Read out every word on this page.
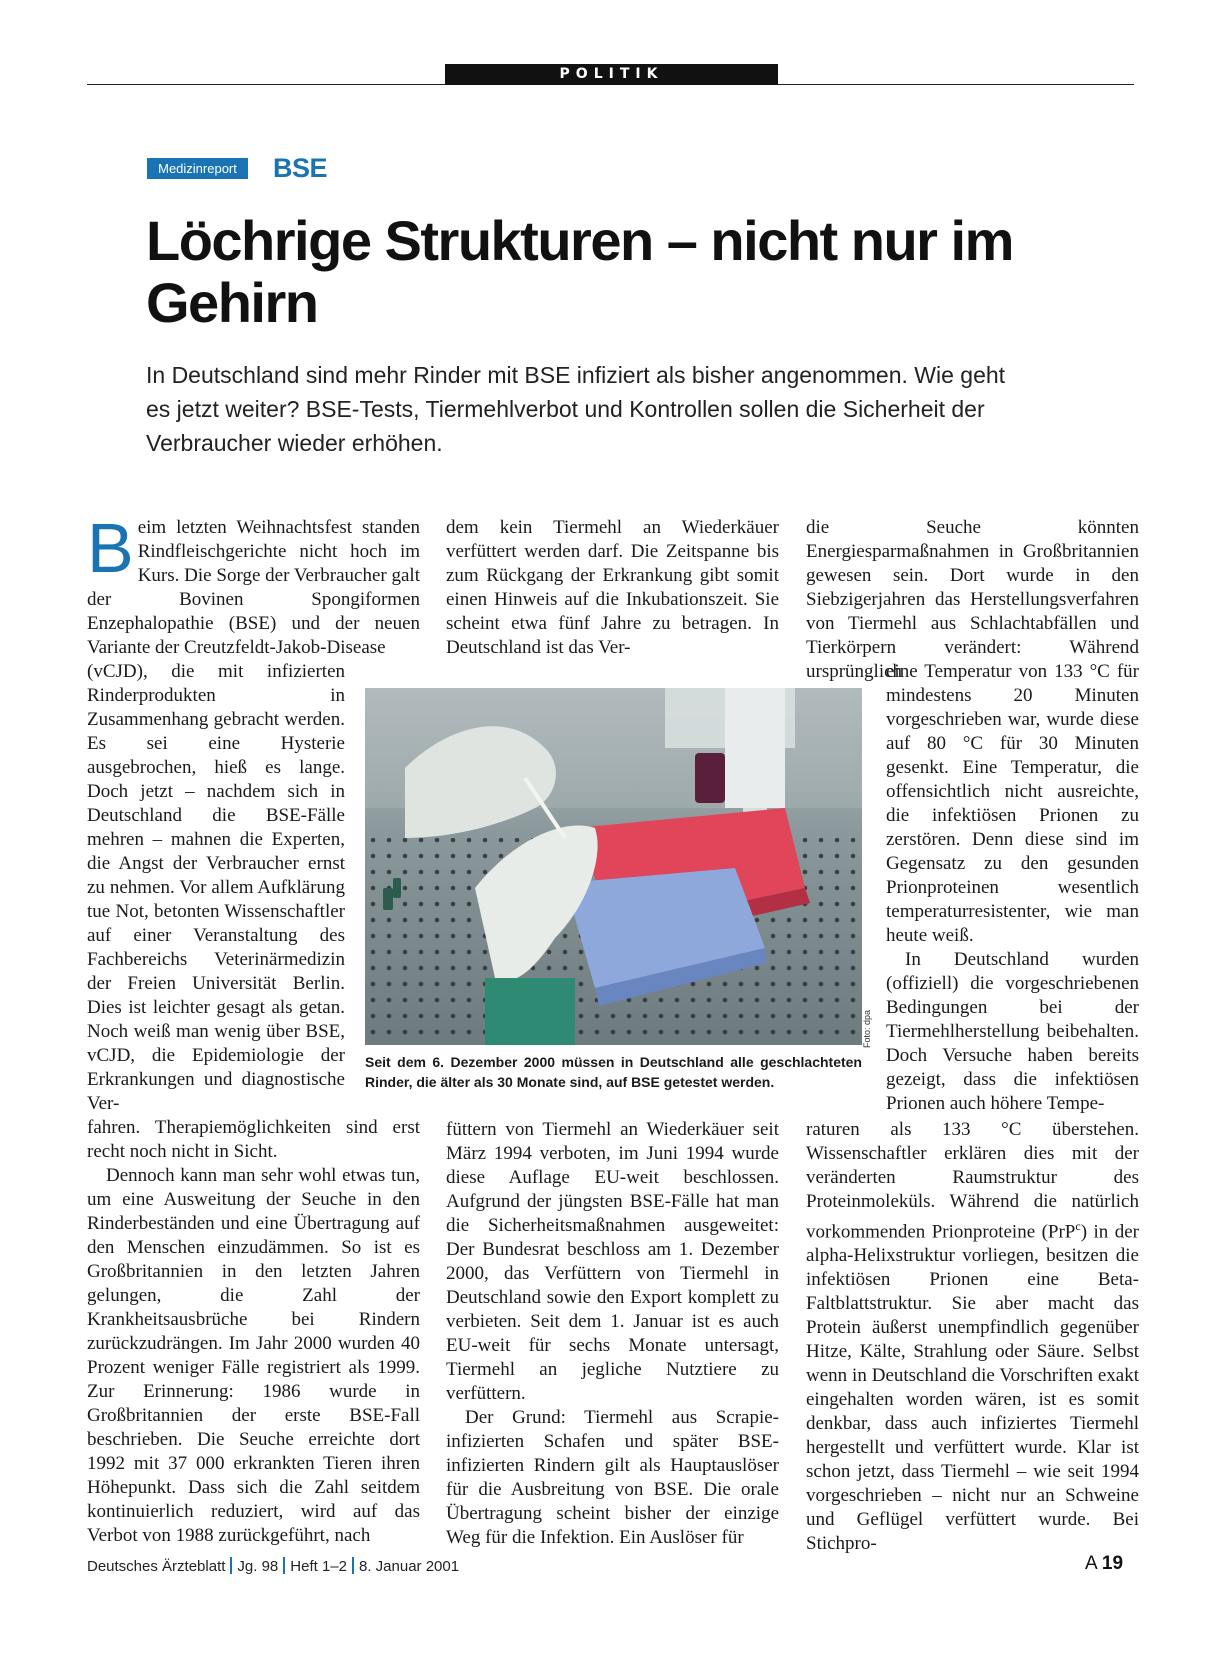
POLITIK
Medizinreport	BSE
Löchrige Strukturen – nicht nur im Gehirn
In Deutschland sind mehr Rinder mit BSE infiziert als bisher angenommen. Wie geht es jetzt weiter? BSE-Tests, Tiermehlverbot und Kontrollen sollen die Sicherheit der Verbraucher wieder erhöhen.

Beim letzten Weihnachtsfest standen Rindfleischgerichte nicht hoch im Kurs. Die Sorge der Verbraucher galt der Bovinen Spongiformen Enzephalopathie (BSE) und der neuen Variante der Creutzfeldt-Jakob-Disease

(vCJD), die mit infizierten Rinderprodukten in Zusammenhang gebracht werden. Es sei eine Hysterie ausgebrochen, hieß es lange. Doch jetzt – nachdem sich in Deutschland die BSE-Fälle mehren – mahnen die Experten, die Angst der Verbraucher ernst zu nehmen. Vor allem Aufklärung tue Not, betonten Wissenschaftler auf einer Veranstaltung des Fachbereichs Veterinärmedizin der Freien Universität Berlin. Dies ist leichter gesagt als getan. Noch weiß man wenig über BSE, vCJD, die Epidemiologie der Erkrankungen und diagnostische Ver-

fahren. Therapiemöglichkeiten sind erst recht noch nicht in Sicht.

Dennoch kann man sehr wohl etwas tun, um eine Ausweitung der Seuche in den Rinderbeständen und eine Übertragung auf den Menschen einzudämmen. So ist es Großbritannien in den letzten Jahren gelungen, die Zahl der Krankheitsausbrüche bei Rindern zurückzudrängen. Im Jahr 2000 wurden 40 Prozent weniger Fälle registriert als 1999. Zur Erinnerung: 1986 wurde in Großbritannien der erste BSE-Fall beschrieben. Die Seuche erreichte dort 1992 mit 37 000 erkrankten Tieren ihren Höhepunkt. Dass sich die Zahl seitdem kontinuierlich reduziert, wird auf das Verbot von 1988 zurückgeführt, nach

dem kein Tiermehl an Wiederkäuer verfüttert werden darf. Die Zeitspanne bis zum Rückgang der Erkrankung gibt somit einen Hinweis auf die Inkubationszeit. Sie scheint etwa fünf Jahre zu betragen. In Deutschland ist das Ver-

füttern von Tiermehl an Wiederkäuer seit März 1994 verboten, im Juni 1994 wurde diese Auflage EU-weit beschlossen. Aufgrund der jüngsten BSE-Fälle hat man die Sicherheitsmaßnahmen ausgeweitet: Der Bundesrat beschloss am 1. Dezember 2000, das Verfüttern von Tiermehl in Deutschland sowie den Export komplett zu verbieten. Seit dem 1. Januar ist es auch EU-weit für sechs Monate untersagt, Tiermehl an jegliche Nutztiere zu verfüttern.

Der Grund: Tiermehl aus Scrapie-infizierten Schafen und später BSE-infizierten Rindern gilt als Hauptauslöser für die Ausbreitung von BSE. Die orale Übertragung scheint bisher der einzige Weg für die Infektion. Ein Auslöser für

die Seuche könnten Energiesparmaßnahmen in Großbritannien gewesen sein. Dort wurde in den Siebzigerjahren das Herstellungsverfahren von Tiermehl aus Schlachtabfällen und Tierkörpern verändert: Während ursprünglich

eine Temperatur von 133 °C für mindestens 20 Minuten vorgeschrieben war, wurde diese auf 80 °C für 30 Minuten gesenkt. Eine Temperatur, die offensichtlich nicht ausreichte, die infektiösen Prionen zu zerstören. Denn diese sind im Gegensatz zu den gesunden Prionproteinen wesentlich temperaturresistenter, wie man heute weiß.

In Deutschland wurden (offiziell) die vorgeschriebenen Bedingungen bei der Tiermehlherstellung beibehalten. Doch Versuche haben bereits gezeigt, dass die infektiösen Prionen auch höhere Tempe-

raturen als 133 °C überstehen. Wissenschaftler erklären dies mit der veränderten Raumstruktur des Proteinmoleküls. Während die natürlich vorkommenden Prionproteine (PrP$^c$) in der alpha-Helixstruktur vorliegen, besitzen die infektiösen Prionen eine Beta-Faltblattstruktur. Sie aber macht das Protein äußerst unempfindlich gegenüber Hitze, Kälte, Strahlung oder Säure. Selbst wenn in Deutschland die Vorschriften exakt eingehalten worden wären, ist es somit denkbar, dass auch infiziertes Tiermehl hergestellt und verfüttert wurde. Klar ist schon jetzt, dass Tiermehl – wie seit 1994 vorgeschrieben – nicht nur an Schweine und Geflügel verfüttert wurde. Bei Stichpro-

Foto: dpa
Seit dem 6. Dezember 2000 müssen in Deutschland alle geschlachteten Rinder, die älter als 30 Monate sind, auf BSE getestet werden.
Deutsches Ärzteblatt Jg. 98 Heft 1–2 8. Januar 2001	A 19
